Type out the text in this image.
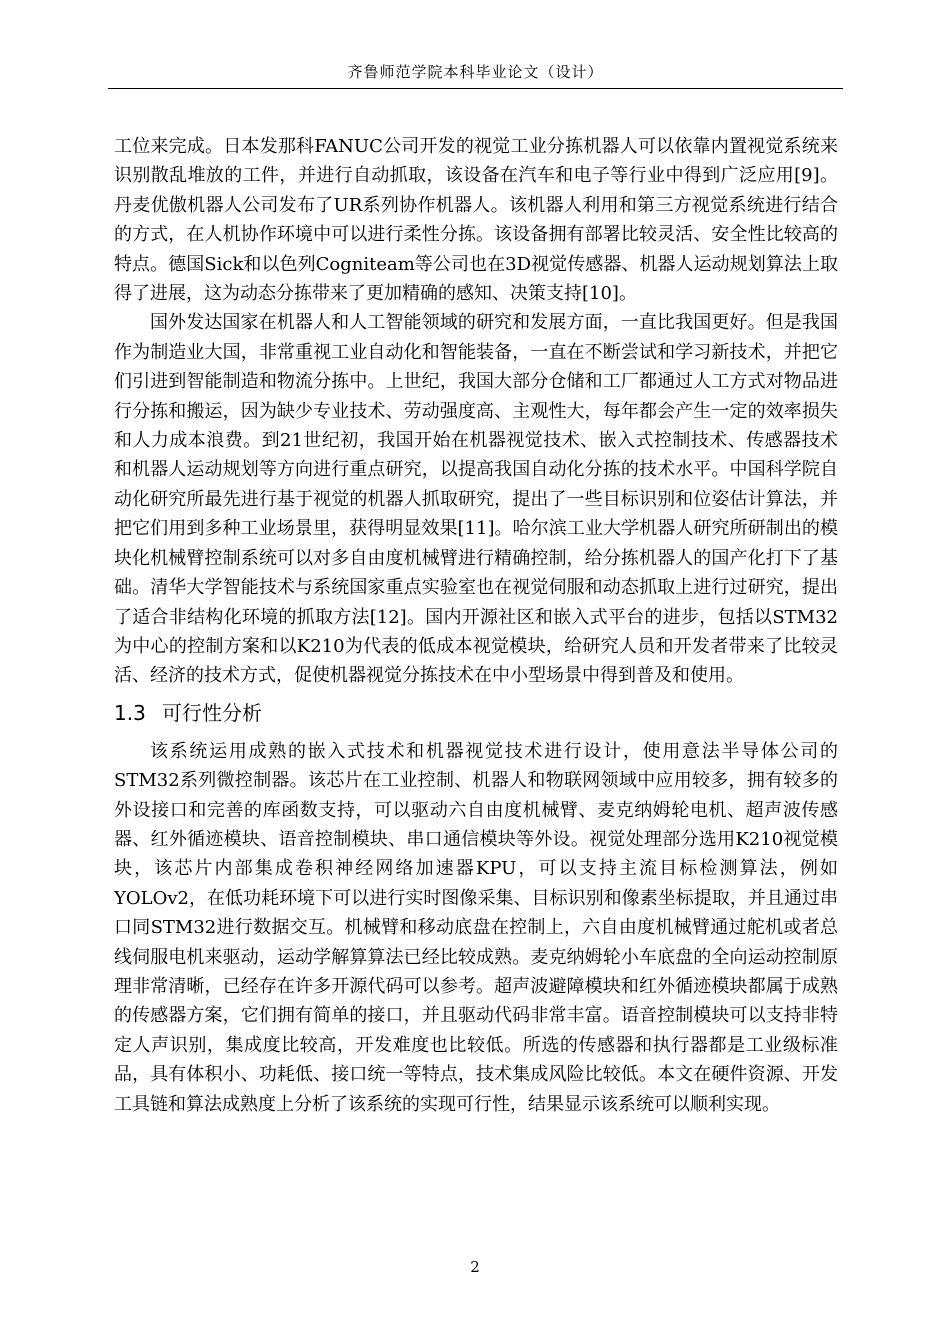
齐鲁师范学院本科毕业论文（设计）

工位来完成。日本发那科FANUC公司开发的视觉工业分拣机器人可以依靠内置视觉系统来识别散乱堆放的工件，并进行自动抓取，该设备在汽车和电子等行业中得到广泛应用[9]。丹麦优傲机器人公司发布了UR系列协作机器人。该机器人利用和第三方视觉系统进行结合的方式，在人机协作环境中可以进行柔性分拣。该设备拥有部署比较灵活、安全性比较高的特点。德国Sick和以色列Cogniteam等公司也在3D视觉传感器、机器人运动规划算法上取得了进展，这为动态分拣带来了更加精确的感知、决策支持[10]。

国外发达国家在机器人和人工智能领域的研究和发展方面，一直比我国更好。但是我国作为制造业大国，非常重视工业自动化和智能装备，一直在不断尝试和学习新技术，并把它们引进到智能制造和物流分拣中。上世纪，我国大部分仓储和工厂都通过人工方式对物品进行分拣和搬运，因为缺少专业技术、劳动强度高、主观性大，每年都会产生一定的效率损失和人力成本浪费。到21世纪初，我国开始在机器视觉技术、嵌入式控制技术、传感器技术和机器人运动规划等方向进行重点研究，以提高我国自动化分拣的技术水平。中国科学院自动化研究所最先进行基于视觉的机器人抓取研究，提出了一些目标识别和位姿估计算法，并把它们用到多种工业场景里，获得明显效果[11]。哈尔滨工业大学机器人研究所研制出的模块化机械臂控制系统可以对多自由度机械臂进行精确控制，给分拣机器人的国产化打下了基础。清华大学智能技术与系统国家重点实验室也在视觉伺服和动态抓取上进行过研究，提出了适合非结构化环境的抓取方法[12]。国内开源社区和嵌入式平台的进步，包括以STM32为中心的控制方案和以K210为代表的低成本视觉模块，给研究人员和开发者带来了比较灵活、经济的技术方式，促使机器视觉分拣技术在中小型场景中得到普及和使用。

1.3 可行性分析

该系统运用成熟的嵌入式技术和机器视觉技术进行设计，使用意法半导体公司的STM32系列微控制器。该芯片在工业控制、机器人和物联网领域中应用较多，拥有较多的外设接口和完善的库函数支持，可以驱动六自由度机械臂、麦克纳姆轮电机、超声波传感器、红外循迹模块、语音控制模块、串口通信模块等外设。视觉处理部分选用K210视觉模块，该芯片内部集成卷积神经网络加速器KPU，可以支持主流目标检测算法，例如YOLOv2，在低功耗环境下可以进行实时图像采集、目标识别和像素坐标提取，并且通过串口同STM32进行数据交互。机械臂和移动底盘在控制上，六自由度机械臂通过舵机或者总线伺服电机来驱动，运动学解算算法已经比较成熟。麦克纳姆轮小车底盘的全向运动控制原理非常清晰，已经存在许多开源代码可以参考。超声波避障模块和红外循迹模块都属于成熟的传感器方案，它们拥有简单的接口，并且驱动代码非常丰富。语音控制模块可以支持非特定人声识别，集成度比较高，开发难度也比较低。所选的传感器和执行器都是工业级标准品，具有体积小、功耗低、接口统一等特点，技术集成风险比较低。本文在硬件资源、开发工具链和算法成熟度上分析了该系统的实现可行性，结果显示该系统可以顺利实现。

2
